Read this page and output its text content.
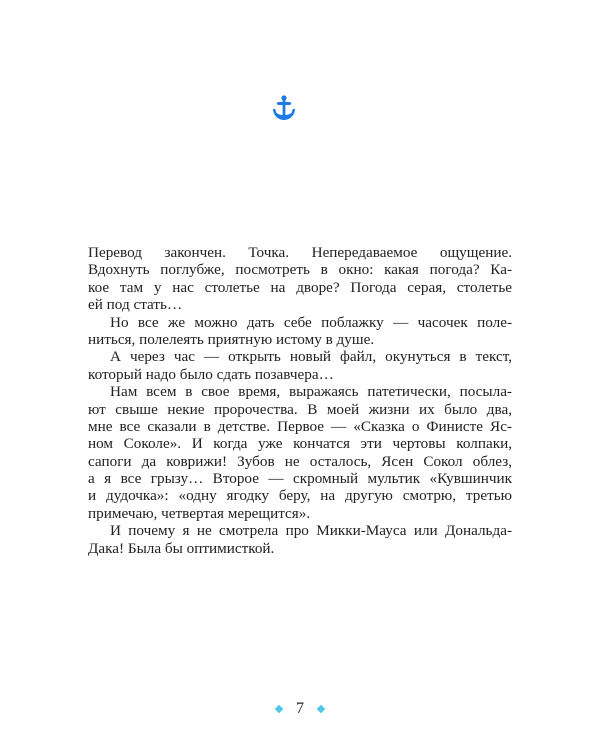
Перевод закончен. Точка. Непередаваемое ощущение.
Вдохнуть поглубже, посмотреть в окно: какая погода? Ка-
кое там у нас столетье на дворе? Погода серая, столетье
ей под стать…
Но все же можно дать себе поблажку — часочек поле-
ниться, полелеять приятную истому в душе.
А через час — открыть новый файл, окунуться в текст,
который надо было сдать позавчера…
Нам всем в свое время, выражаясь патетически, посыла-
ют свыше некие пророчества. В моей жизни их было два,
мне все сказали в детстве. Первое — «Сказка о Финисте Яс-
ном Соколе». И когда уже кончатся эти чертовы колпаки,
сапоги да коврижи! Зубов не осталось, Ясен Сокол облез,
а я все грызу… Второе — скромный мультик «Кувшинчик
и дудочка»: «одну ягодку беру, на другую смотрю, третью
примечаю, четвертая мерещится».
И почему я не смотрела про Микки-Мауса или Дональда-
Дака! Была бы оптимисткой.
7
